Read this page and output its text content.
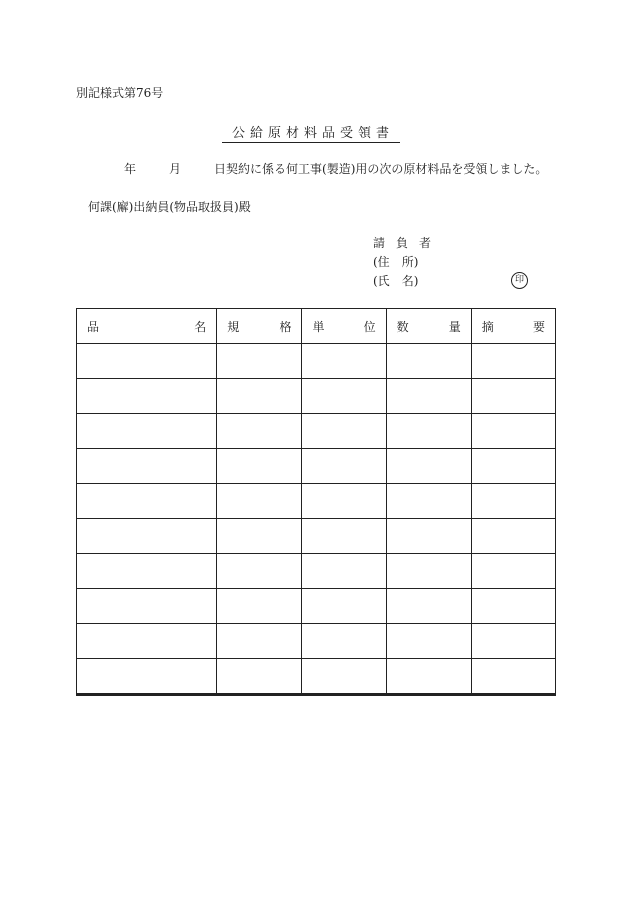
別記様式第76号
公給原材料品受領書
年	月	日契約に係る何工事(製造)用の次の原材料品を受領しました。
何課(廨)出納員(物品取扱員)殿
請負者
(住 所)
(氏 名)	印
品 名	規 格	単 位	数 量	摘 要
